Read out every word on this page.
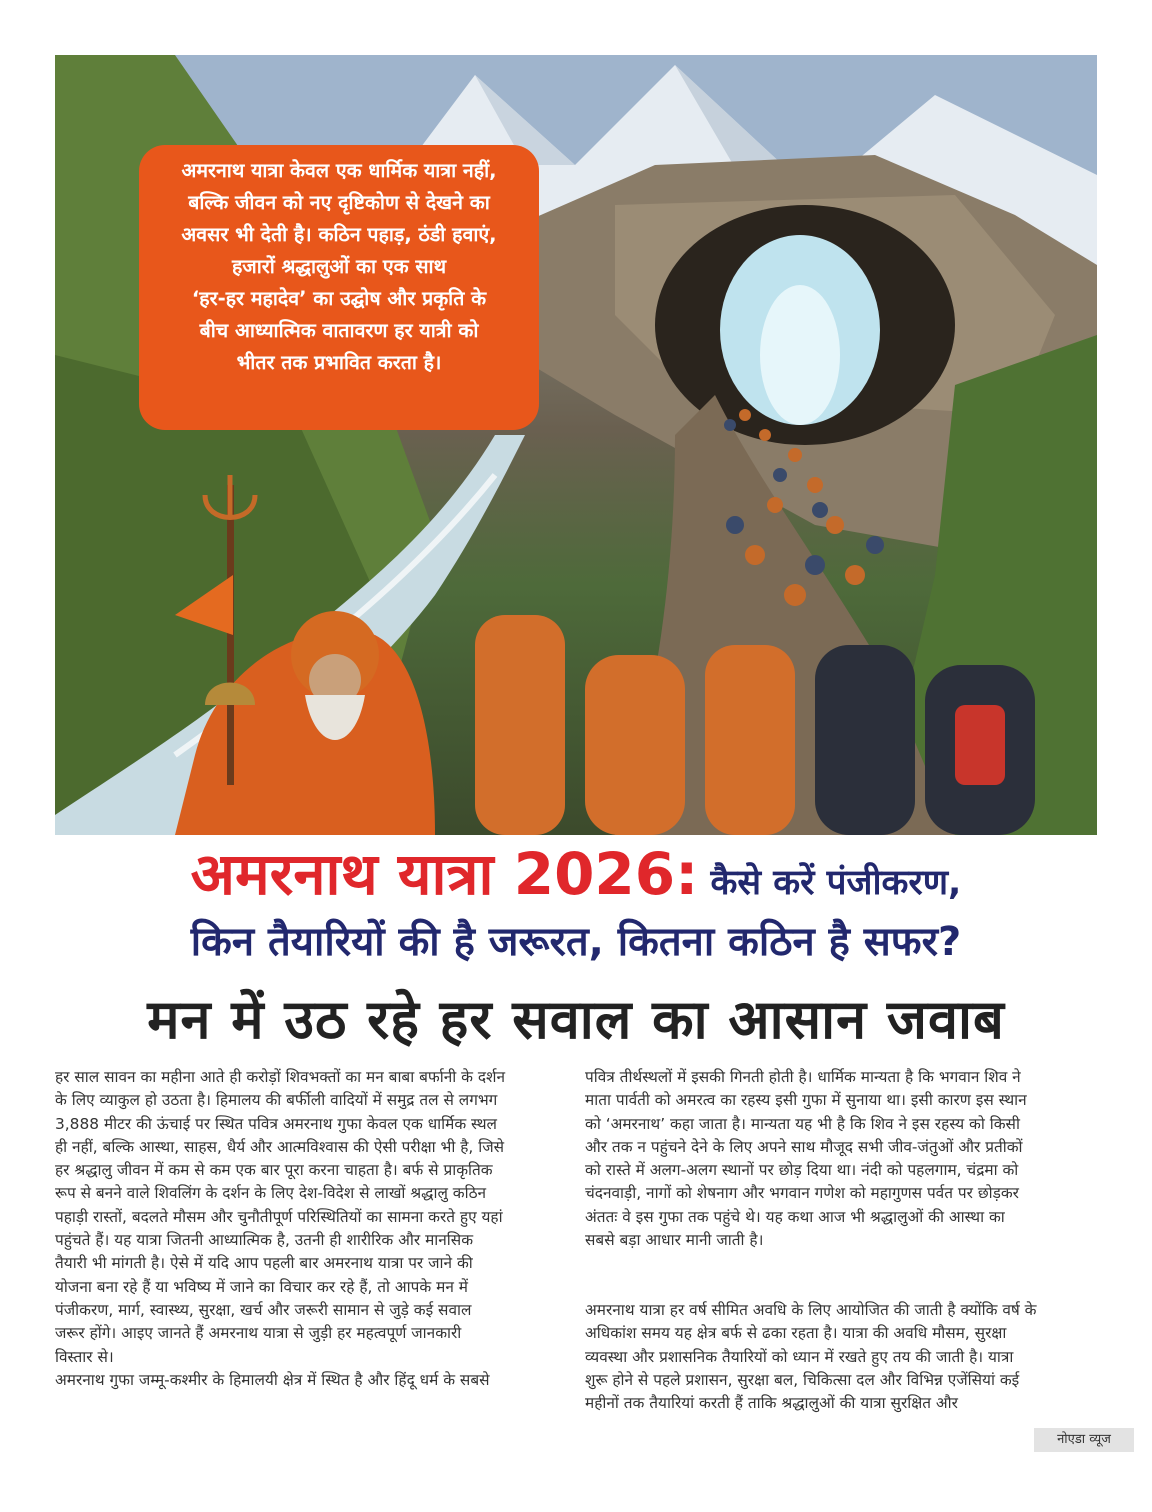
अमरनाथ यात्रा केवल एक धार्मिक यात्रा नहीं,
बल्कि जीवन को नए दृष्टिकोण से देखने का
अवसर भी देती है। कठिन पहाड़, ठंडी हवाएं,
हजारों श्रद्धालुओं का एक साथ
‘हर-हर महादेव’ का उद्घोष और प्रकृति के
बीच आध्यात्मिक वातावरण हर यात्री को
भीतर तक प्रभावित करता है।
अमरनाथ यात्रा 2026: कैसे करें पंजीकरण,
किन तैयारियों की है जरूरत, कितना कठिन है सफर?
मन में उठ रहे हर सवाल का आसान जवाब

हर साल सावन का महीना आते ही करोड़ों शिवभक्तों का मन बाबा बर्फानी के दर्शन

के लिए व्याकुल हो उठता है। हिमालय की बर्फीली वादियों में समुद्र तल से लगभग

3,888 मीटर की ऊंचाई पर स्थित पवित्र अमरनाथ गुफा केवल एक धार्मिक स्थल

ही नहीं, बल्कि आस्था, साहस, धैर्य और आत्मविश्वास की ऐसी परीक्षा भी है, जिसे

हर श्रद्धालु जीवन में कम से कम एक बार पूरा करना चाहता है। बर्फ से प्राकृतिक

रूप से बनने वाले शिवलिंग के दर्शन के लिए देश-विदेश से लाखों श्रद्धालु कठिन

पहाड़ी रास्तों, बदलते मौसम और चुनौतीपूर्ण परिस्थितियों का सामना करते हुए यहां

पहुंचते हैं। यह यात्रा जितनी आध्यात्मिक है, उतनी ही शारीरिक और मानसिक

तैयारी भी मांगती है। ऐसे में यदि आप पहली बार अमरनाथ यात्रा पर जाने की

योजना बना रहे हैं या भविष्य में जाने का विचार कर रहे हैं, तो आपके मन में

पंजीकरण, मार्ग, स्वास्थ्य, सुरक्षा, खर्च और जरूरी सामान से जुड़े कई सवाल

जरूर होंगे। आइए जानते हैं अमरनाथ यात्रा से जुड़ी हर महत्वपूर्ण जानकारी

विस्तार से।

अमरनाथ गुफा जम्मू-कश्मीर के हिमालयी क्षेत्र में स्थित है और हिंदू धर्म के सबसे

पवित्र तीर्थस्थलों में इसकी गिनती होती है। धार्मिक मान्यता है कि भगवान शिव ने

माता पार्वती को अमरत्व का रहस्य इसी गुफा में सुनाया था। इसी कारण इस स्थान

को ‘अमरनाथ’ कहा जाता है। मान्यता यह भी है कि शिव ने इस रहस्य को किसी

और तक न पहुंचने देने के लिए अपने साथ मौजूद सभी जीव-जंतुओं और प्रतीकों

को रास्ते में अलग-अलग स्थानों पर छोड़ दिया था। नंदी को पहलगाम, चंद्रमा को

चंदनवाड़ी, नागों को शेषनाग और भगवान गणेश को महागुणस पर्वत पर छोड़कर

अंततः वे इस गुफा तक पहुंचे थे। यह कथा आज भी श्रद्धालुओं की आस्था का

सबसे बड़ा आधार मानी जाती है।

अमरनाथ यात्रा हर वर्ष सीमित अवधि के लिए आयोजित की जाती है क्योंकि वर्ष के

अधिकांश समय यह क्षेत्र बर्फ से ढका रहता है। यात्रा की अवधि मौसम, सुरक्षा

व्यवस्था और प्रशासनिक तैयारियों को ध्यान में रखते हुए तय की जाती है। यात्रा

शुरू होने से पहले प्रशासन, सुरक्षा बल, चिकित्सा दल और विभिन्न एजेंसियां कई

महीनों तक तैयारियां करती हैं ताकि श्रद्धालुओं की यात्रा सुरक्षित और

नोएडा व्यूज
